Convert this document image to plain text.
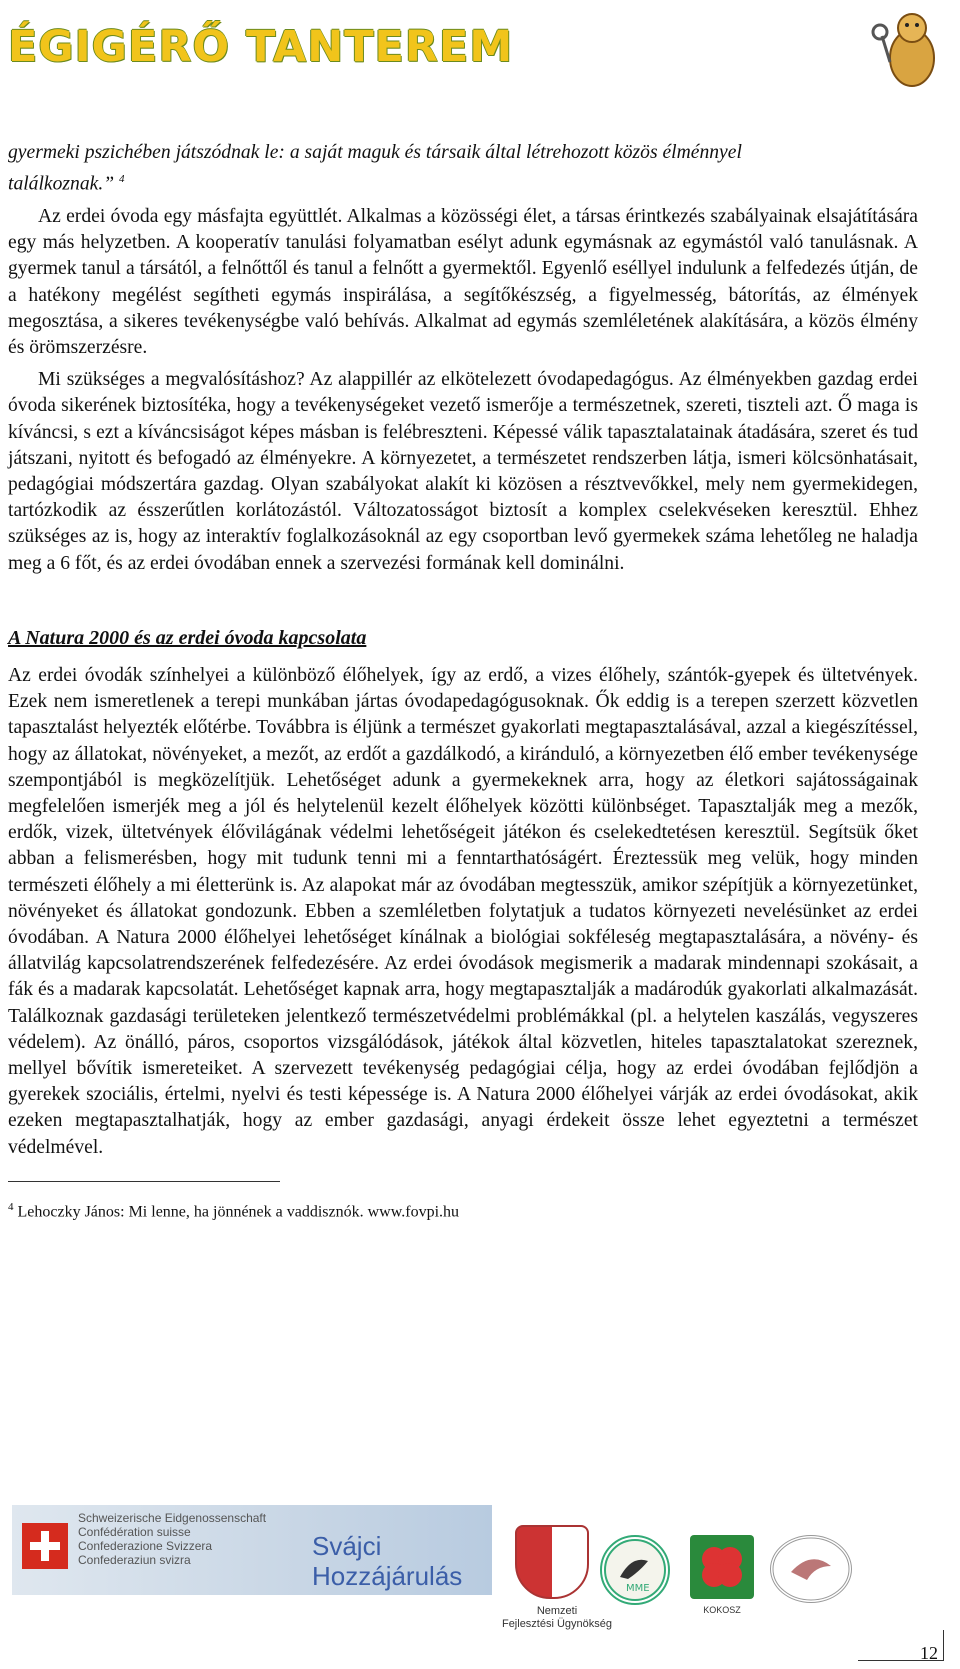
ÉGIGÉRŐ TANTEREM

gyermeki pszichében játszódnak le: a saját maguk és társaik által létrehozott közös élménnyel
találkoznak.” $^4$

Az erdei óvoda egy másfajta együttlét. Alkalmas a közösségi élet, a társas érintkezés szabályainak elsajátítására egy más helyzetben. A kooperatív tanulási folyamatban esélyt adunk egymásnak az egymástól való tanulásnak. A gyermek tanul a társától, a felnőttől és tanul a felnőtt a gyermektől. Egyenlő eséllyel indulunk a felfedezés útján, de a hatékony megélést segítheti egymás inspirálása, a segítőkészség, a figyelmesség, bátorítás, az élmények megosztása, a sikeres tevékenységbe való behívás. Alkalmat ad egymás szemléletének alakítására, a közös élmény és örömszerzésre.

Mi szükséges a megvalósításhoz? Az alappillér az elkötelezett óvodapedagógus. Az élményekben gazdag erdei óvoda sikerének biztosítéka, hogy a tevékenységeket vezető ismerője a természetnek, szereti, tiszteli azt. Ő maga is kíváncsi, s ezt a kíváncsiságot képes másban is felébreszteni. Képessé válik tapasztalatainak átadására, szeret és tud játszani, nyitott és befogadó az élményekre. A környezetet, a természetet rendszerben látja, ismeri kölcsönhatásait, pedagógiai módszertára gazdag. Olyan szabályokat alakít ki közösen a résztvevőkkel, mely nem gyermekidegen, tartózkodik az ésszerűtlen korlátozástól. Változatosságot biztosít a komplex cselekvéseken keresztül. Ehhez szükséges az is, hogy az interaktív foglalkozásoknál az egy csoportban levő gyermekek száma lehetőleg ne haladja meg a 6 főt, és az erdei óvodában ennek a szervezési formának kell dominálni.

A Natura 2000 és az erdei óvoda kapcsolata

Az erdei óvodák színhelyei a különböző élőhelyek, így az erdő, a vizes élőhely, szántók-gyepek és ültetvények. Ezek nem ismeretlenek a terepi munkában jártas óvodapedagógusoknak. Ők eddig is a terepen szerzett közvetlen tapasztalást helyezték előtérbe. Továbbra is éljünk a természet gyakorlati megtapasztalásával, azzal a kiegészítéssel, hogy az állatokat, növényeket, a mezőt, az erdőt a gazdálkodó, a kiránduló, a környezetben élő ember tevékenysége szempontjából is megközelítjük. Lehetőséget adunk a gyermekeknek arra, hogy az életkori sajátosságainak megfelelően ismerjék meg a jól és helytelenül kezelt élőhelyek közötti különbséget. Tapasztalják meg a mezők, erdők, vizek, ültetvények élővilágának védelmi lehetőségeit játékon és cselekedtetésen keresztül. Segítsük őket abban a felismerésben, hogy mit tudunk tenni mi a fenntarthatóságért. Éreztessük meg velük, hogy minden természeti élőhely a mi életterünk is. Az alapokat már az óvodában megtesszük, amikor szépítjük a környezetünket, növényeket és állatokat gondozunk. Ebben a szemléletben folytatjuk a tudatos környezeti nevelésünket az erdei óvodában. A Natura 2000 élőhelyei lehetőséget kínálnak a biológiai sokféleség megtapasztalására, a növény- és állatvilág kapcsolatrendszerének felfedezésére. Az erdei óvodások megismerik a madarak mindennapi szokásait, a fák és a madarak kapcsolatát. Lehetőséget kapnak arra, hogy megtapasztalják a madárodúk gyakorlati alkalmazását. Találkoznak gazdasági területeken jelentkező természetvédelmi problémákkal (pl. a helytelen kaszálás, vegyszeres védelem). Az önálló, páros, csoportos vizsgálódások, játékok által közvetlen, hiteles tapasztalatokat szereznek, mellyel bővítik ismereteiket. A szervezett tevékenység pedagógiai célja, hogy az erdei óvodában fejlődjön a gyerekek szociális, értelmi, nyelvi és testi képessége is. A Natura 2000 élőhelyei várják az erdei óvodásokat, akik ezeken megtapasztalhatják, hogy az ember gazdasági, anyagi érdekeit össze lehet egyeztetni a természet védelmével.

$^4$ Lehoczky János: Mi lenne, ha jönnének a vaddisznók. www.fovpi.hu

Schweizerische Eidgenossenschaft
Confédération suisse
Confederazione Svizzera
Confederaziun svizra	Svájci
Hozzájárulás
Nemzeti
Fejlesztési Ügynökség
MME
KOKOSZ
12
